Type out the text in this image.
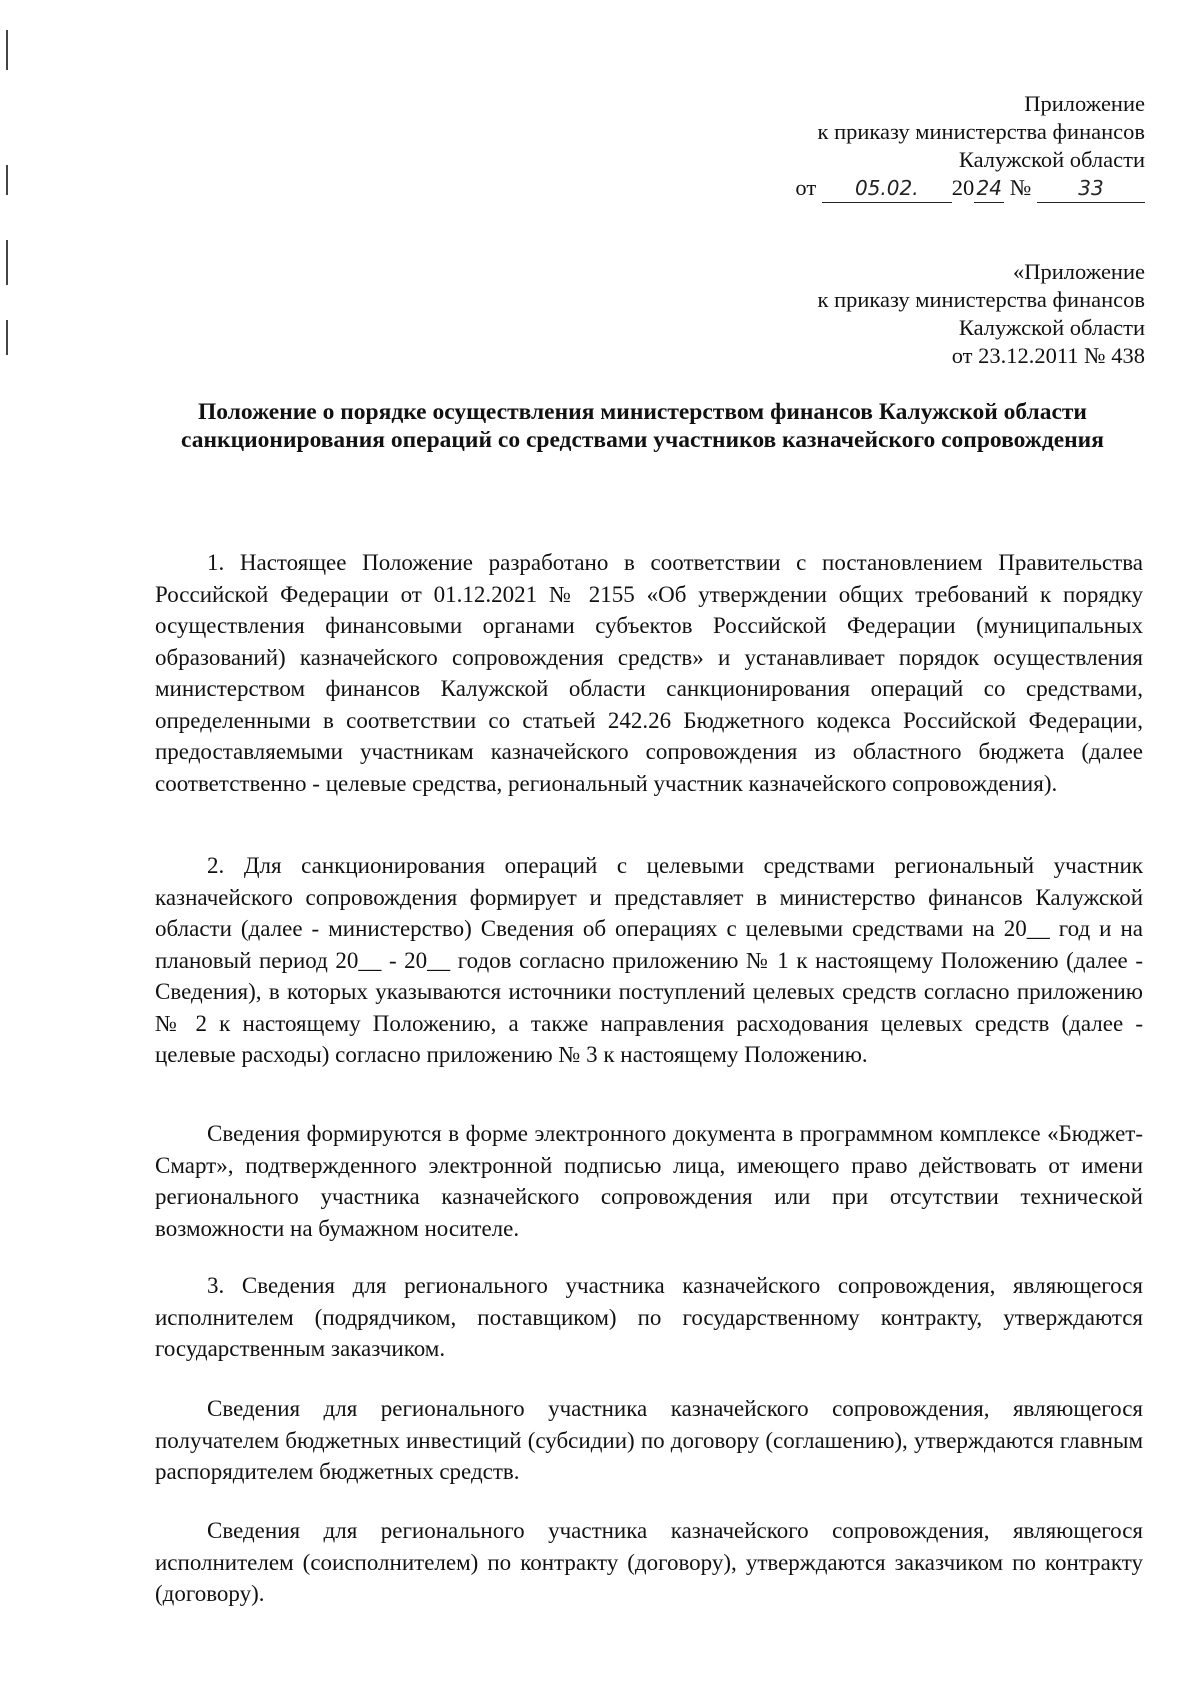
Приложение
к приказу министерства финансов
Калужской области
от 05.02. 20 24 № 33
«Приложение
к приказу министерства финансов
Калужской области
от 23.12.2011 № 438
Положение о порядке осуществления министерством финансов Калужской области санкционирования операций со средствами участников казначейского сопровождения

1. Настоящее Положение разработано в соответствии с постановлением Правительства Российской Федерации от 01.12.2021 № 2155 «Об утверждении общих требований к порядку осуществления финансовыми органами субъектов Российской Федерации (муниципальных образований) казначейского сопровождения средств» и устанавливает порядок осуществления министерством финансов Калужской области санкционирования операций со средствами, определенными в соответствии со статьей 242.26 Бюджетного кодекса Российской Федерации, предоставляемыми участникам казначейского сопровождения из областного бюджета (далее соответственно - целевые средства, региональный участник казначейского сопровождения).

2. Для санкционирования операций с целевыми средствами региональный участник казначейского сопровождения формирует и представляет в министерство финансов Калужской области (далее - министерство) Сведения об операциях с целевыми средствами на 20__ год и на плановый период 20__ - 20__ годов согласно приложению № 1 к настоящему Положению (далее - Сведения), в которых указываются источники поступлений целевых средств согласно приложению № 2 к настоящему Положению, а также направления расходования целевых средств (далее - целевые расходы) согласно приложению № 3 к настоящему Положению.

Сведения формируются в форме электронного документа в программном комплексе «Бюджет-Смарт», подтвержденного электронной подписью лица, имеющего право действовать от имени регионального участника казначейского сопровождения или при отсутствии технической возможности на бумажном носителе.

3. Сведения для регионального участника казначейского сопровождения, являющегося исполнителем (подрядчиком, поставщиком) по государственному контракту, утверждаются государственным заказчиком.

Сведения для регионального участника казначейского сопровождения, являющегося получателем бюджетных инвестиций (субсидии) по договору (соглашению), утверждаются главным распорядителем бюджетных средств.

Сведения для регионального участника казначейского сопровождения, являющегося исполнителем (соисполнителем) по контракту (договору), утверждаются заказчиком по контракту (договору).
